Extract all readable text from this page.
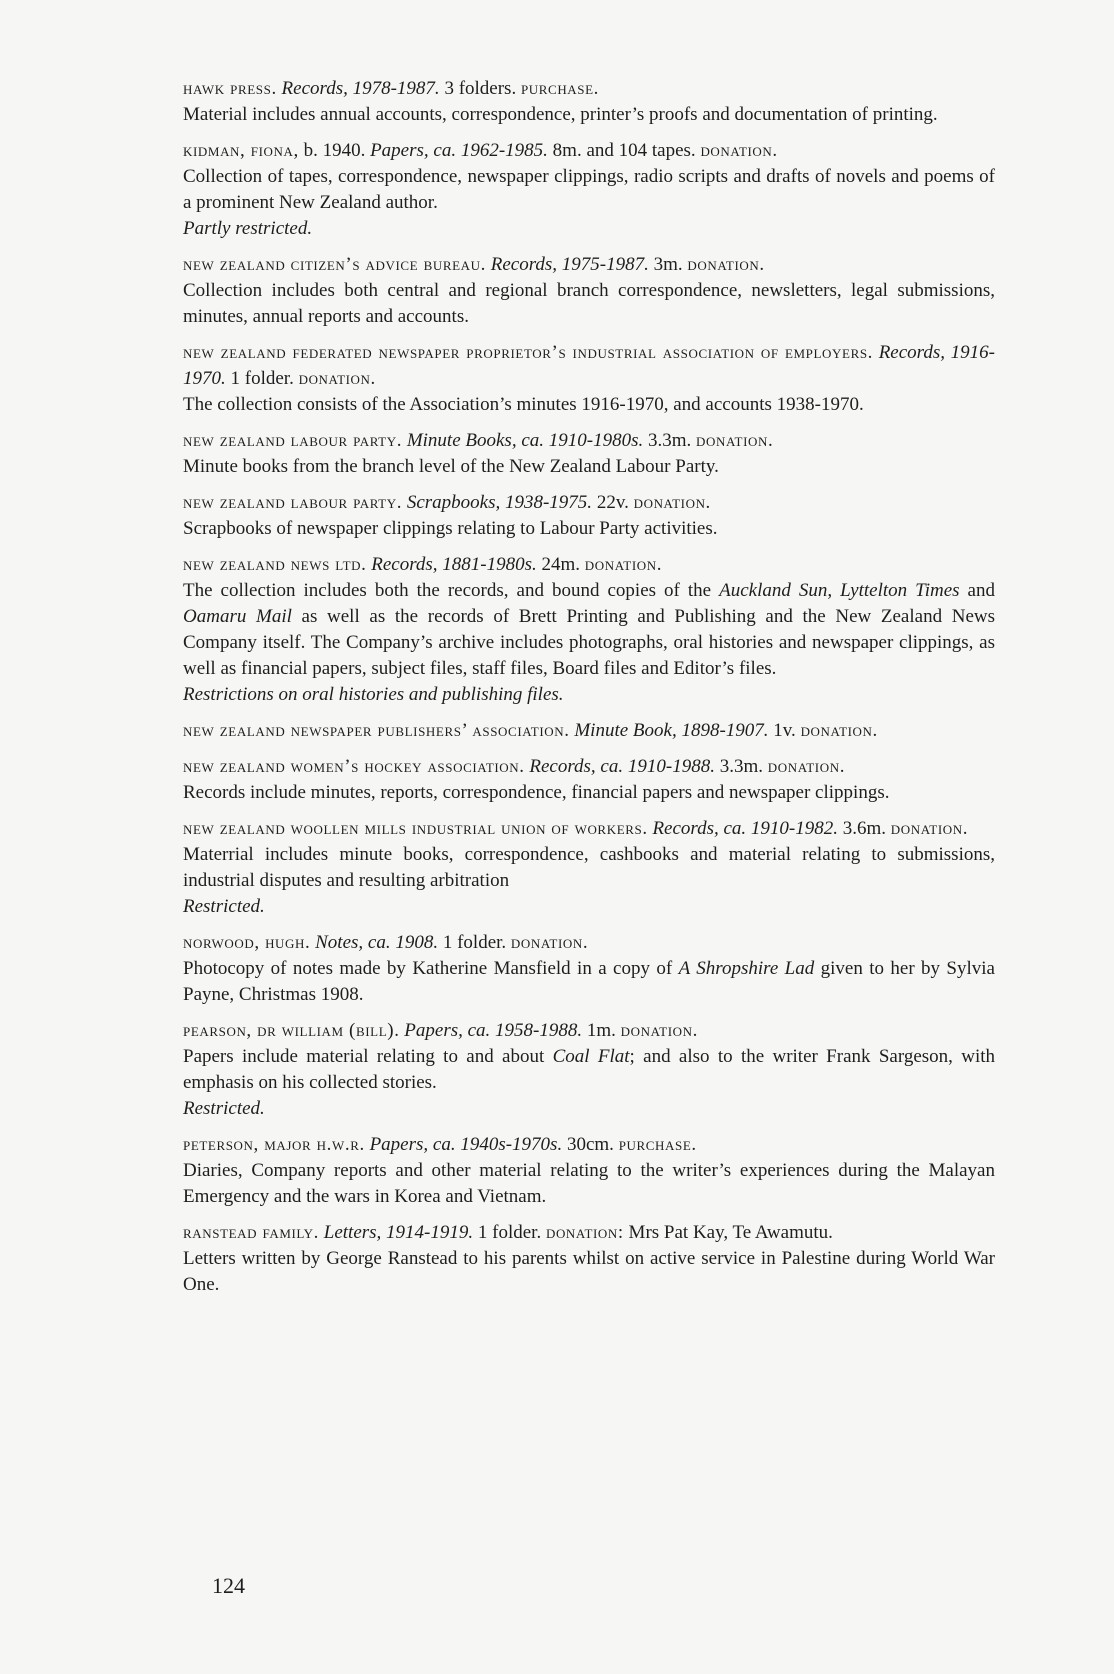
hawk press. Records, 1978-1987. 3 folders. purchase.
Material includes annual accounts, correspondence, printer’s proofs and documentation of printing.
kidman, fiona, b. 1940. Papers, ca. 1962-1985. 8m. and 104 tapes. donation.
Collection of tapes, correspondence, newspaper clippings, radio scripts and drafts of novels and poems of a prominent New Zealand author.
Partly restricted.
new zealand citizen’s advice bureau. Records, 1975-1987. 3m. donation.
Collection includes both central and regional branch correspondence, newsletters, legal submissions, minutes, annual reports and accounts.
new zealand federated newspaper proprietor’s industrial association of employers. Records, 1916-1970. 1 folder. donation.
The collection consists of the Association’s minutes 1916-1970, and accounts 1938-1970.
new zealand labour party. Minute Books, ca. 1910-1980s. 3.3m. donation.
Minute books from the branch level of the New Zealand Labour Party.
new zealand labour party. Scrapbooks, 1938-1975. 22v. donation.
Scrapbooks of newspaper clippings relating to Labour Party activities.
new zealand news ltd. Records, 1881-1980s. 24m. donation.
The collection includes both the records, and bound copies of the Auckland Sun, Lyttelton Times and Oamaru Mail as well as the records of Brett Printing and Publishing and the New Zealand News Company itself. The Company’s archive includes photographs, oral histories and newspaper clippings, as well as financial papers, subject files, staff files, Board files and Editor’s files.
Restrictions on oral histories and publishing files.
new zealand newspaper publishers’ association. Minute Book, 1898-1907. 1v. donation.
new zealand women’s hockey association. Records, ca. 1910-1988. 3.3m. donation.
Records include minutes, reports, correspondence, financial papers and newspaper clippings.
new zealand woollen mills industrial union of workers. Records, ca. 1910-1982. 3.6m. donation.
Materrial includes minute books, correspondence, cashbooks and material relating to submissions, industrial disputes and resulting arbitration
Restricted.
norwood, hugh. Notes, ca. 1908. 1 folder. donation.
Photocopy of notes made by Katherine Mansfield in a copy of A Shropshire Lad given to her by Sylvia Payne, Christmas 1908.
pearson, dr william (bill). Papers, ca. 1958-1988. 1m. donation.
Papers include material relating to and about Coal Flat; and also to the writer Frank Sargeson, with emphasis on his collected stories.
Restricted.
peterson, major h.w.r. Papers, ca. 1940s-1970s. 30cm. purchase.
Diaries, Company reports and other material relating to the writer’s experiences during the Malayan Emergency and the wars in Korea and Vietnam.
ranstead family. Letters, 1914-1919. 1 folder. donation: Mrs Pat Kay, Te Awamutu.
Letters written by George Ranstead to his parents whilst on active service in Palestine during World War One.
124
